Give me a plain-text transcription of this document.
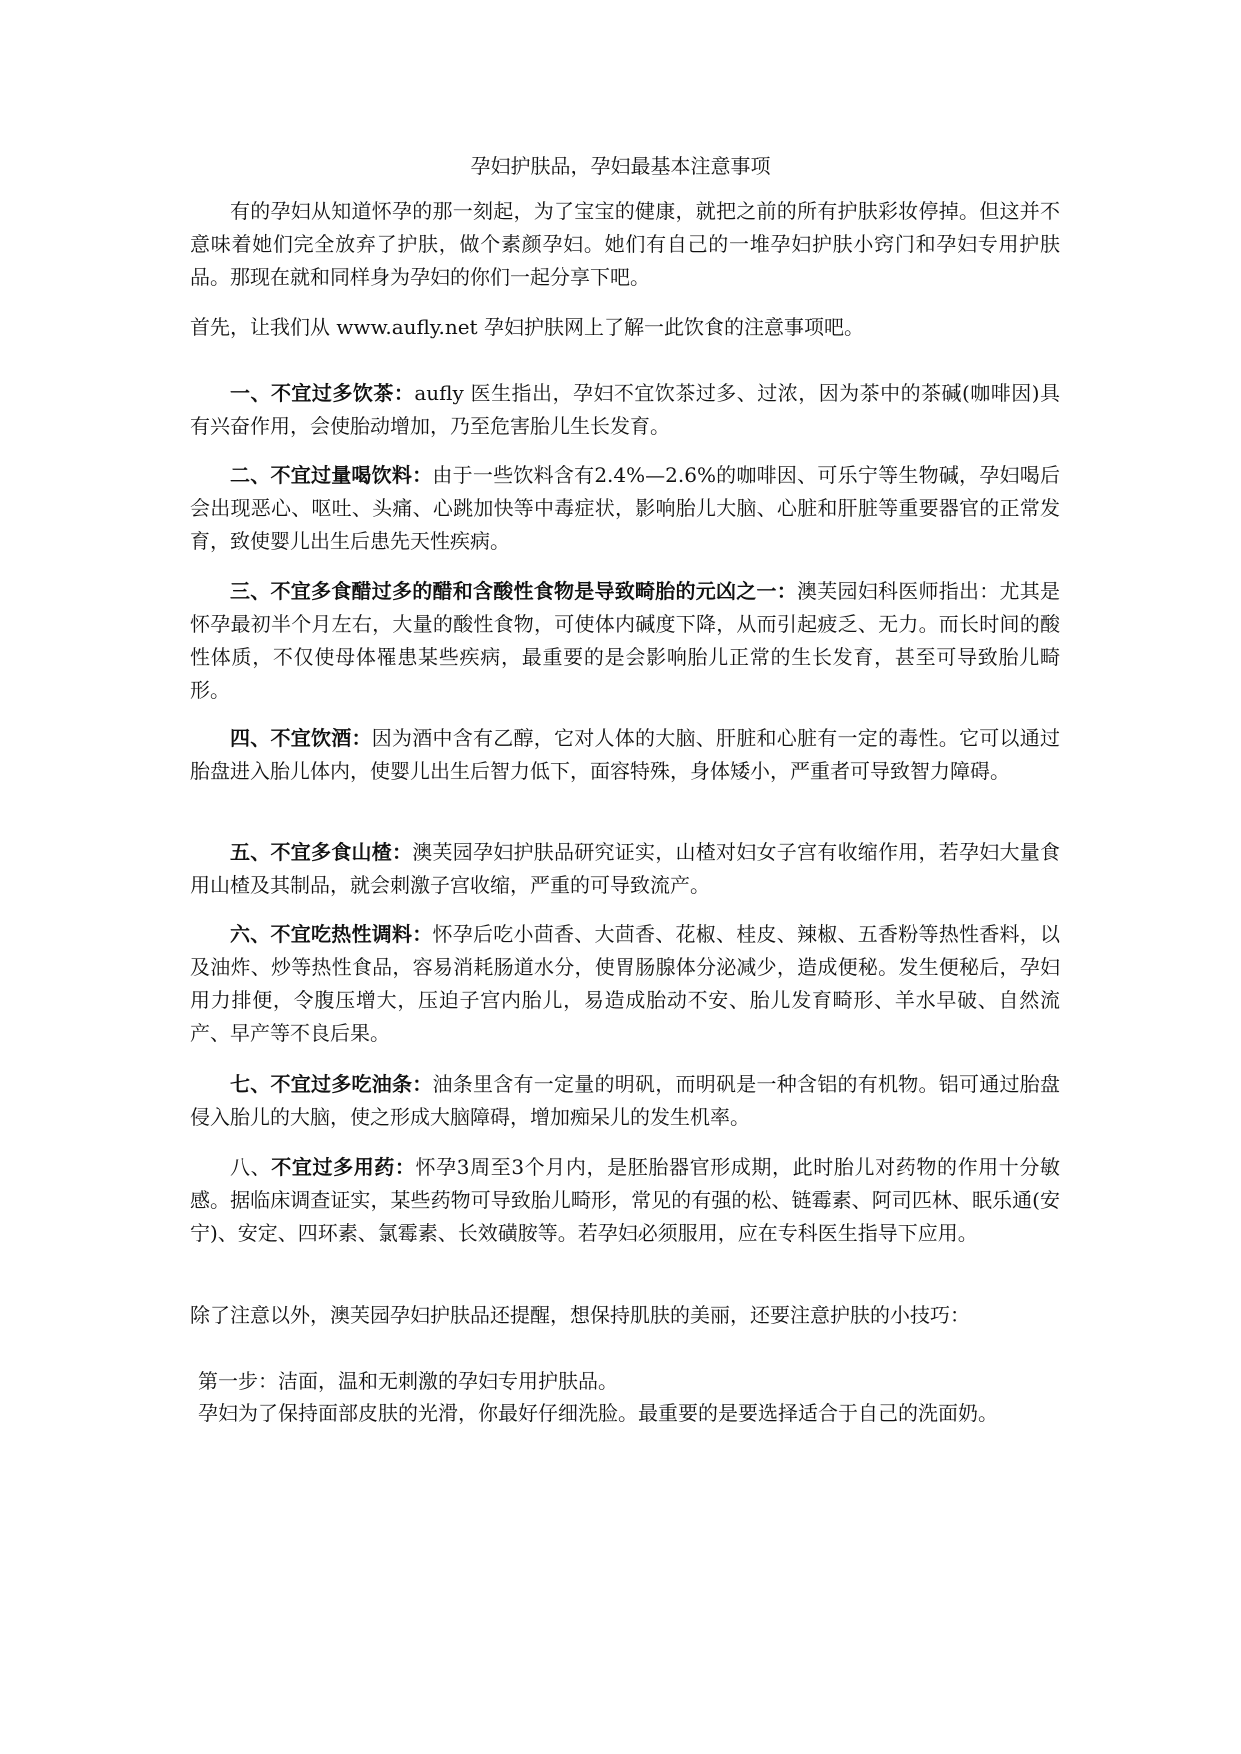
孕妇护肤品，孕妇最基本注意事项

有的孕妇从知道怀孕的那一刻起，为了宝宝的健康，就把之前的所有护肤彩妆停掉。但这并不意味着她们完全放弃了护肤，做个素颜孕妇。她们有自己的一堆孕妇护肤小窍门和孕妇专用护肤品。那现在就和同样身为孕妇的你们一起分享下吧。

首先，让我们从 www.aufly.net 孕妇护肤网上了解一此饮食的注意事项吧。

一、不宜过多饮茶：aufly 医生指出，孕妇不宜饮茶过多、过浓，因为茶中的茶碱(咖啡因)具有兴奋作用，会使胎动增加，乃至危害胎儿生长发育。

二、不宜过量喝饮料：由于一些饮料含有2.4%—2.6%的咖啡因、可乐宁等生物碱，孕妇喝后会出现恶心、呕吐、头痛、心跳加快等中毒症状，影响胎儿大脑、心脏和肝脏等重要器官的正常发育，致使婴儿出生后患先天性疾病。

三、不宜多食醋过多的醋和含酸性食物是导致畸胎的元凶之一：澳芙园妇科医师指出：尤其是怀孕最初半个月左右，大量的酸性食物，可使体内碱度下降，从而引起疲乏、无力。而长时间的酸性体质，不仅使母体罹患某些疾病，最重要的是会影响胎儿正常的生长发育，甚至可导致胎儿畸形。

四、不宜饮酒：因为酒中含有乙醇，它对人体的大脑、肝脏和心脏有一定的毒性。它可以通过胎盘进入胎儿体内，使婴儿出生后智力低下，面容特殊，身体矮小，严重者可导致智力障碍。

五、不宜多食山楂：澳芙园孕妇护肤品研究证实，山楂对妇女子宫有收缩作用，若孕妇大量食用山楂及其制品，就会刺激子宫收缩，严重的可导致流产。

六、不宜吃热性调料：怀孕后吃小茴香、大茴香、花椒、桂皮、辣椒、五香粉等热性香料，以及油炸、炒等热性食品，容易消耗肠道水分，使胃肠腺体分泌减少，造成便秘。发生便秘后，孕妇用力排便，令腹压增大，压迫子宫内胎儿，易造成胎动不安、胎儿发育畸形、羊水早破、自然流产、早产等不良后果。

七、不宜过多吃油条：油条里含有一定量的明矾，而明矾是一种含铝的有机物。铝可通过胎盘侵入胎儿的大脑，使之形成大脑障碍，增加痴呆儿的发生机率。

八、不宜过多用药：怀孕3周至3个月内，是胚胎器官形成期，此时胎儿对药物的作用十分敏感。据临床调查证实，某些药物可导致胎儿畸形，常见的有强的松、链霉素、阿司匹林、眠乐通(安宁)、安定、四环素、氯霉素、长效磺胺等。若孕妇必须服用，应在专科医生指导下应用。

除了注意以外，澳芙园孕妇护肤品还提醒，想保持肌肤的美丽，还要注意护肤的小技巧：

第一步：洁面，温和无刺激的孕妇专用护肤品。

孕妇为了保持面部皮肤的光滑，你最好仔细洗脸。最重要的是要选择适合于自己的洗面奶。
